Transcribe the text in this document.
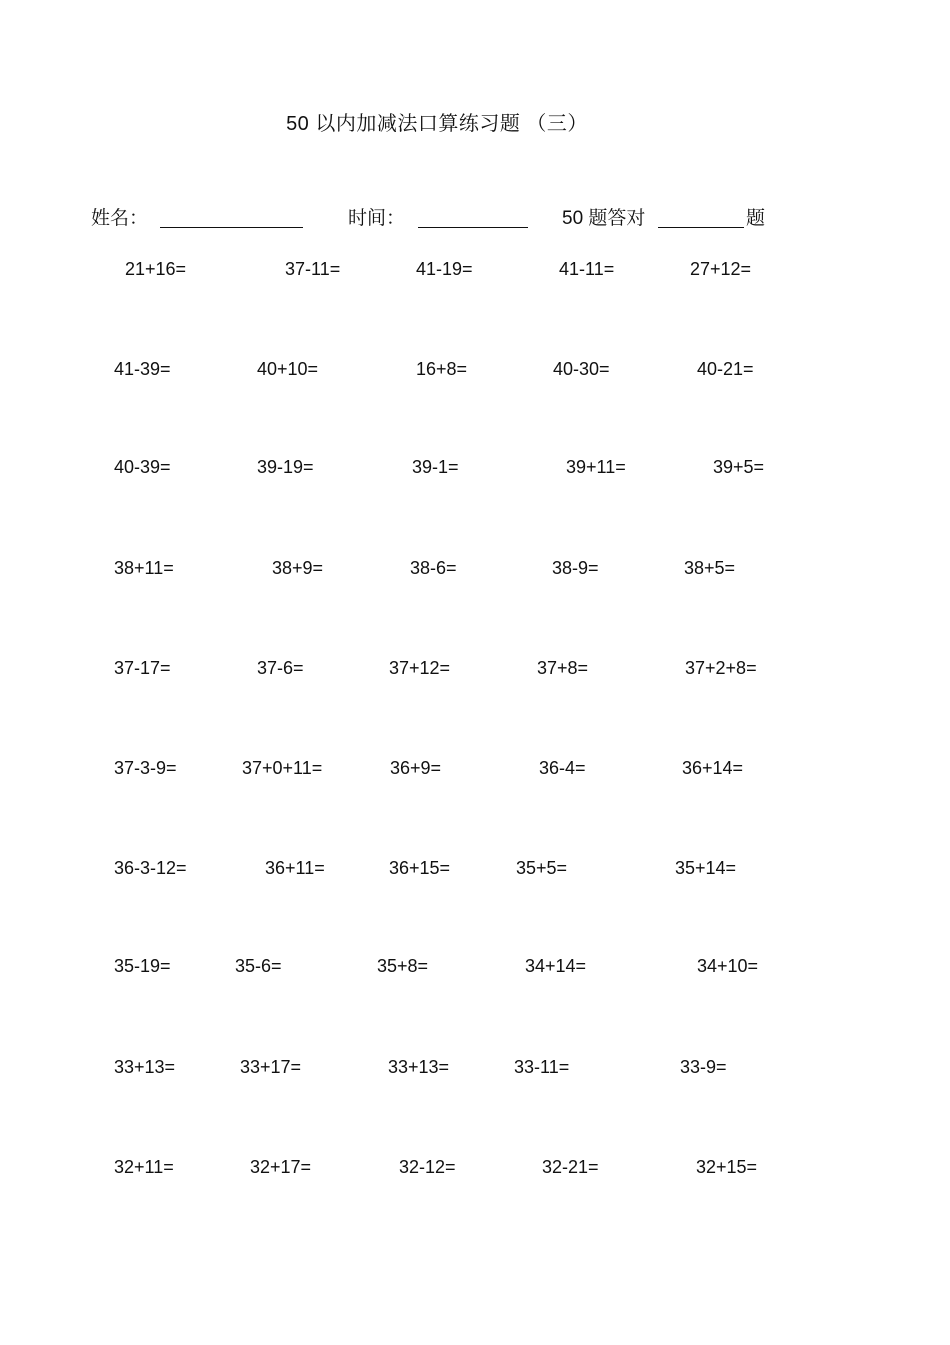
50 以内加减法口算练习题 （三）
姓名：	时间：	50 题答对	题
21+16=	37-11=	41-19=	41-11=	27+12=
41-39=	40+10=	16+8=	40-30=	40-21=
40-39=	39-19=	39-1=	39+11=	39+5=
38+11=	38+9=	38-6=	38-9=	38+5=
37-17=	37-6=	37+12=	37+8=	37+2+8=
37-3-9=	37+0+11=	36+9=	36-4=	36+14=
36-3-12=	36+11=	36+15=	35+5=	35+14=
35-19=	35-6=	35+8=	34+14=	34+10=
33+13=	33+17=	33+13=	33-11=	33-9=
32+11=	32+17=	32-12=	32-21=	32+15=
